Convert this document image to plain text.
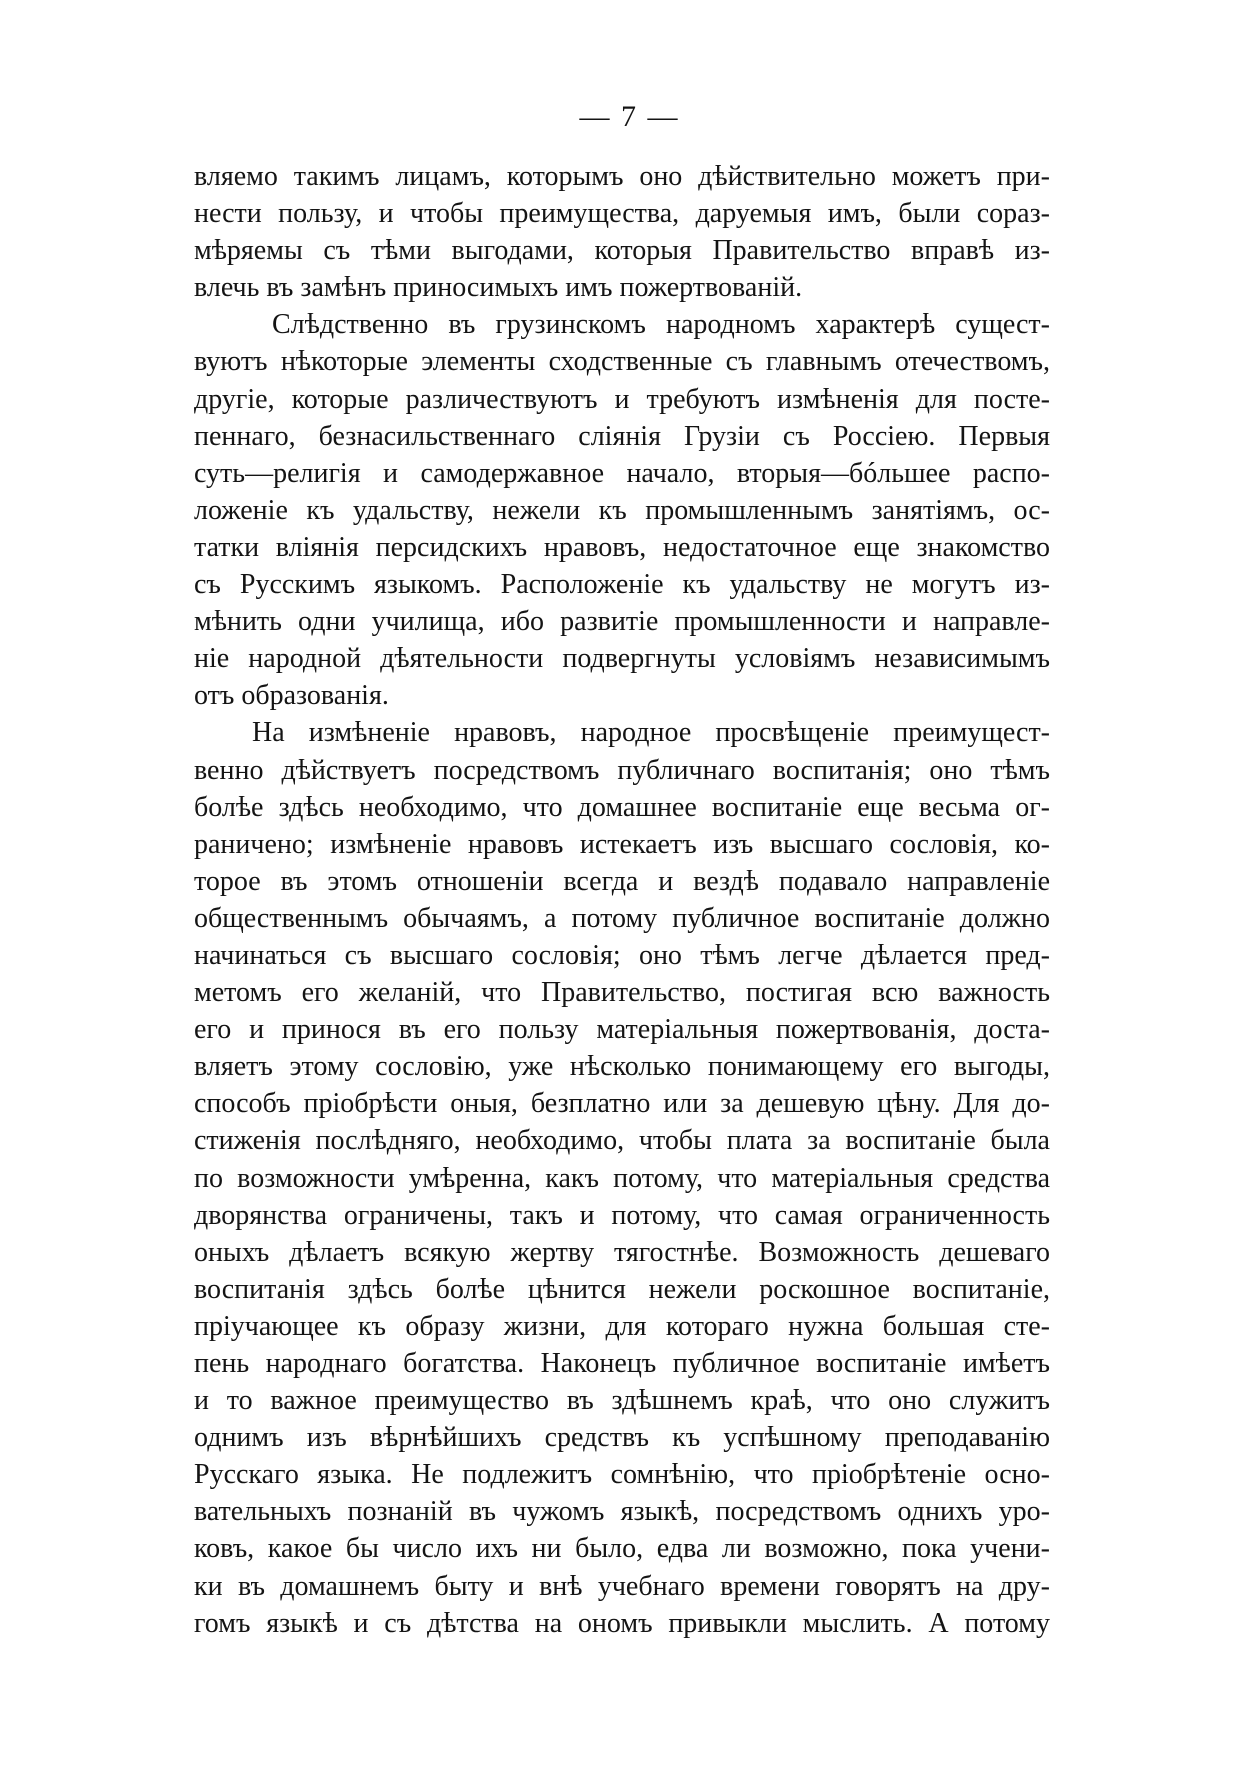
— 7 —
вляемо такимъ лицамъ, которымъ оно дѣйствительно можетъ при-
нести пользу, и чтобы преимущества, даруемыя имъ, были сораз-
мѣряемы съ тѣми выгодами, которыя Правительство вправѣ из-
влечь въ замѣнъ приносимыхъ имъ пожертвованій.
Слѣдственно въ грузинскомъ народномъ характерѣ сущест-
вуютъ нѣкоторые элементы сходственные съ главнымъ отечествомъ,
другіе, которые различествуютъ и требуютъ измѣненія для посте-
пеннаго, безнасильственнаго сліянія Грузіи съ Россіею. Первыя
суть—религія и самодержавное начало, вторыя—бóльшее распо-
ложеніе къ удальству, нежели къ промышленнымъ занятіямъ, ос-
татки вліянія персидскихъ нравовъ, недостаточное еще знакомство
съ Русскимъ языкомъ. Расположеніе къ удальству не могутъ из-
мѣнить одни училища, ибо развитіе промышленности и направле-
ніе народной дѣятельности подвергнуты условіямъ независимымъ
отъ образованія.
На измѣненіе нравовъ, народное просвѣщеніе преимущест-
венно дѣйствуетъ посредствомъ публичнаго воспитанія; оно тѣмъ
болѣе здѣсь необходимо, что домашнее воспитаніе еще весьма ог-
раничено; измѣненіе нравовъ истекаетъ изъ высшаго сословія, ко-
торое въ этомъ отношеніи всегда и вездѣ подавало направленіе
общественнымъ обычаямъ, а потому публичное воспитаніе должно
начинаться съ высшаго сословія; оно тѣмъ легче дѣлается пред-
метомъ его желаній, что Правительство, постигая всю важность
его и принося въ его пользу матеріальныя пожертвованія, доста-
вляетъ этому сословію, уже нѣсколько понимающему его выгоды,
способъ пріобрѣсти оныя, безплатно или за дешевую цѣну. Для до-
стиженія послѣдняго, необходимо, чтобы плата за воспитаніе была
по возможности умѣренна, какъ потому, что матеріальныя средства
дворянства ограничены, такъ и потому, что самая ограниченность
оныхъ дѣлаетъ всякую жертву тягостнѣе. Возможность дешеваго
воспитанія здѣсь болѣе цѣнится нежели роскошное воспитаніе,
пріучающее къ образу жизни, для котораго нужна большая сте-
пень народнаго богатства. Наконецъ публичное воспитаніе имѣетъ
и то важное преимущество въ здѣшнемъ краѣ, что оно служитъ
однимъ изъ вѣрнѣйшихъ средствъ къ успѣшному преподаванію
Русскаго языка. Не подлежитъ сомнѣнію, что пріобрѣтеніе осно-
вательныхъ познаній въ чужомъ языкѣ, посредствомъ однихъ уро-
ковъ, какое бы число ихъ ни было, едва ли возможно, пока учени-
ки въ домашнемъ быту и внѣ учебнаго времени говорятъ на дру-
гомъ языкѣ и съ дѣтства на ономъ привыкли мыслить. А потому
